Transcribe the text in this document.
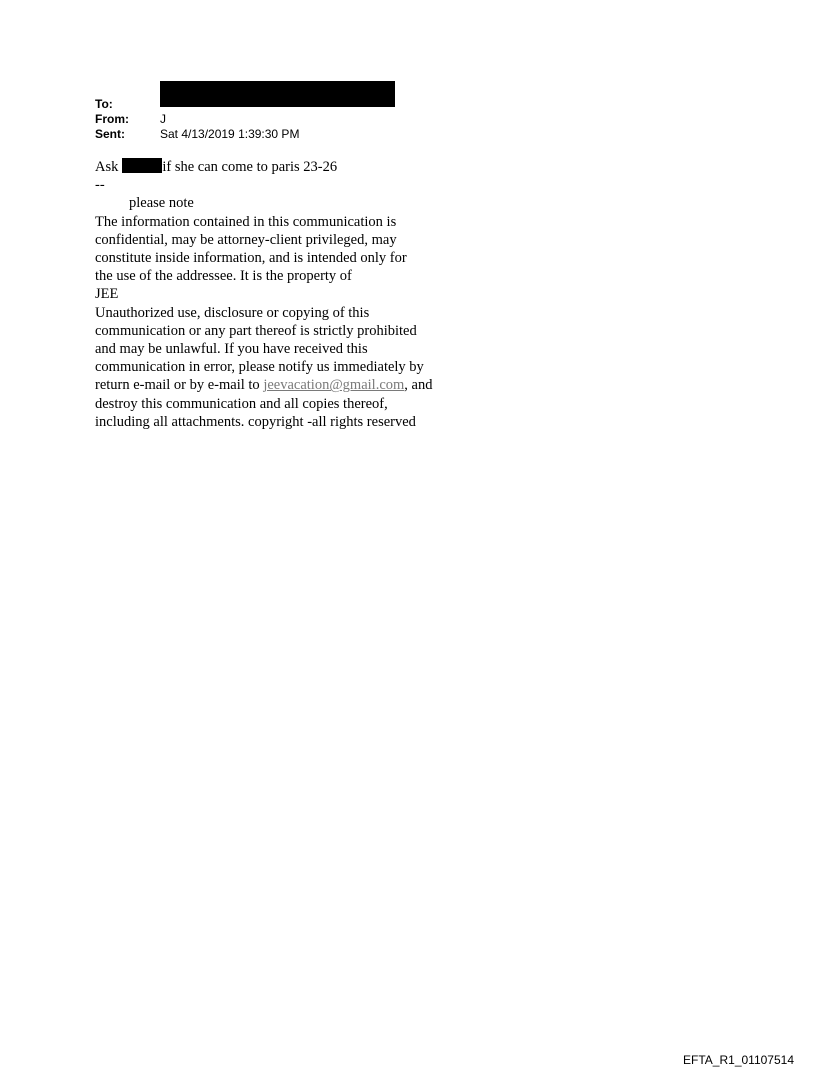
To:
From:	J
Sent:	Sat 4/13/2019 1:39:30 PM
Ask	if she can come to paris 23-26
--
please note
The information contained in this communication is
confidential, may be attorney-client privileged, may
constitute inside information, and is intended only for
the use of the addressee. It is the property of
JEE
Unauthorized use, disclosure or copying of this
communication or any part thereof is strictly prohibited
and may be unlawful. If you have received this
communication in error, please notify us immediately by
return e-mail or by e-mail to jeevacation@gmail.com, and
destroy this communication and all copies thereof,
including all attachments. copyright -all rights reserved
EFTA_R1_01107514
